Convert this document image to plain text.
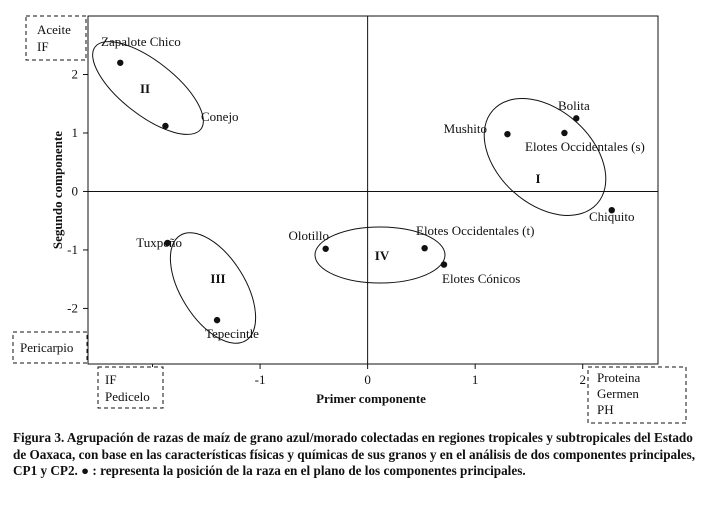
II
I
III
IV
-1	0	1	2
-2
-1
0
1
2
Zapalote Chico
Conejo
Mushito
Bolita
Elotes Occidentales (s)
Chiquito
Tuxpeño
Tepecintle
Olotillo	Elotes Occidentales (t)
Elotes Cónicos
Primer componente
Segundo componente
Aceite
IF
Pericarpio
IF
Pedicelo
Proteina
Germen
PH
Figura 3. Agrupación de razas de maíz de grano azul/morado colectadas en regiones tropicales y subtropicales del Estado de Oaxaca, con base en las características físicas y químicas de sus granos y en el análisis de dos componentes principales, CP1 y CP2. ● : representa la posición de la raza en el plano de los componentes principales.
